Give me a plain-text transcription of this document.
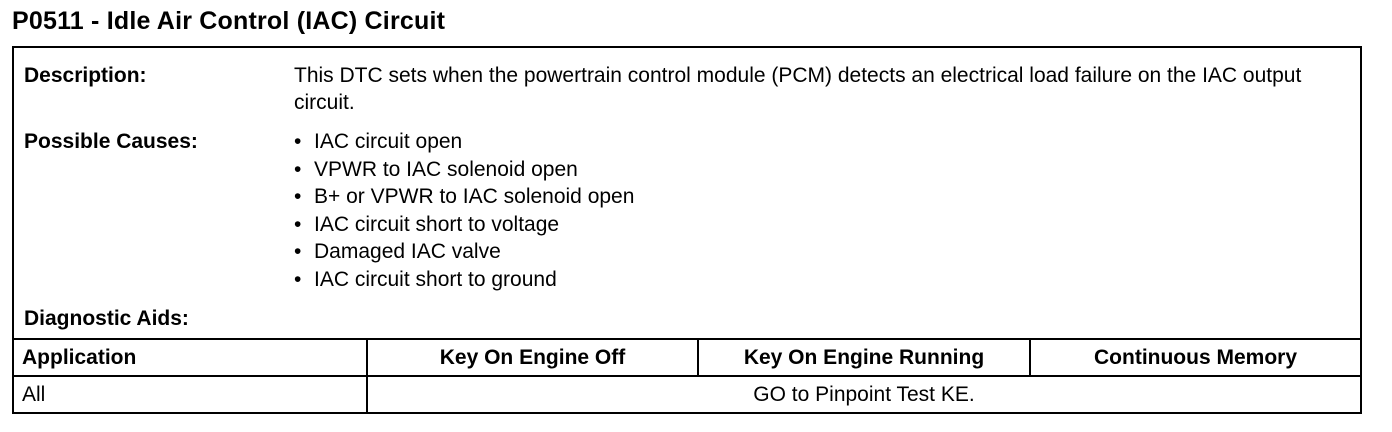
P0511 - Idle Air Control (IAC) Circuit
Description:	This DTC sets when the powertrain control module (PCM) detects an electrical load failure on the IAC output circuit.
Possible Causes:	• IAC circuit open
• VPWR to IAC solenoid open
• B+ or VPWR to IAC solenoid open
• IAC circuit short to voltage
• Damaged IAC valve
• IAC circuit short to ground
Diagnostic Aids:
Application	Key On Engine Off	Key On Engine Running	Continuous Memory
All	GO to Pinpoint Test KE.		
